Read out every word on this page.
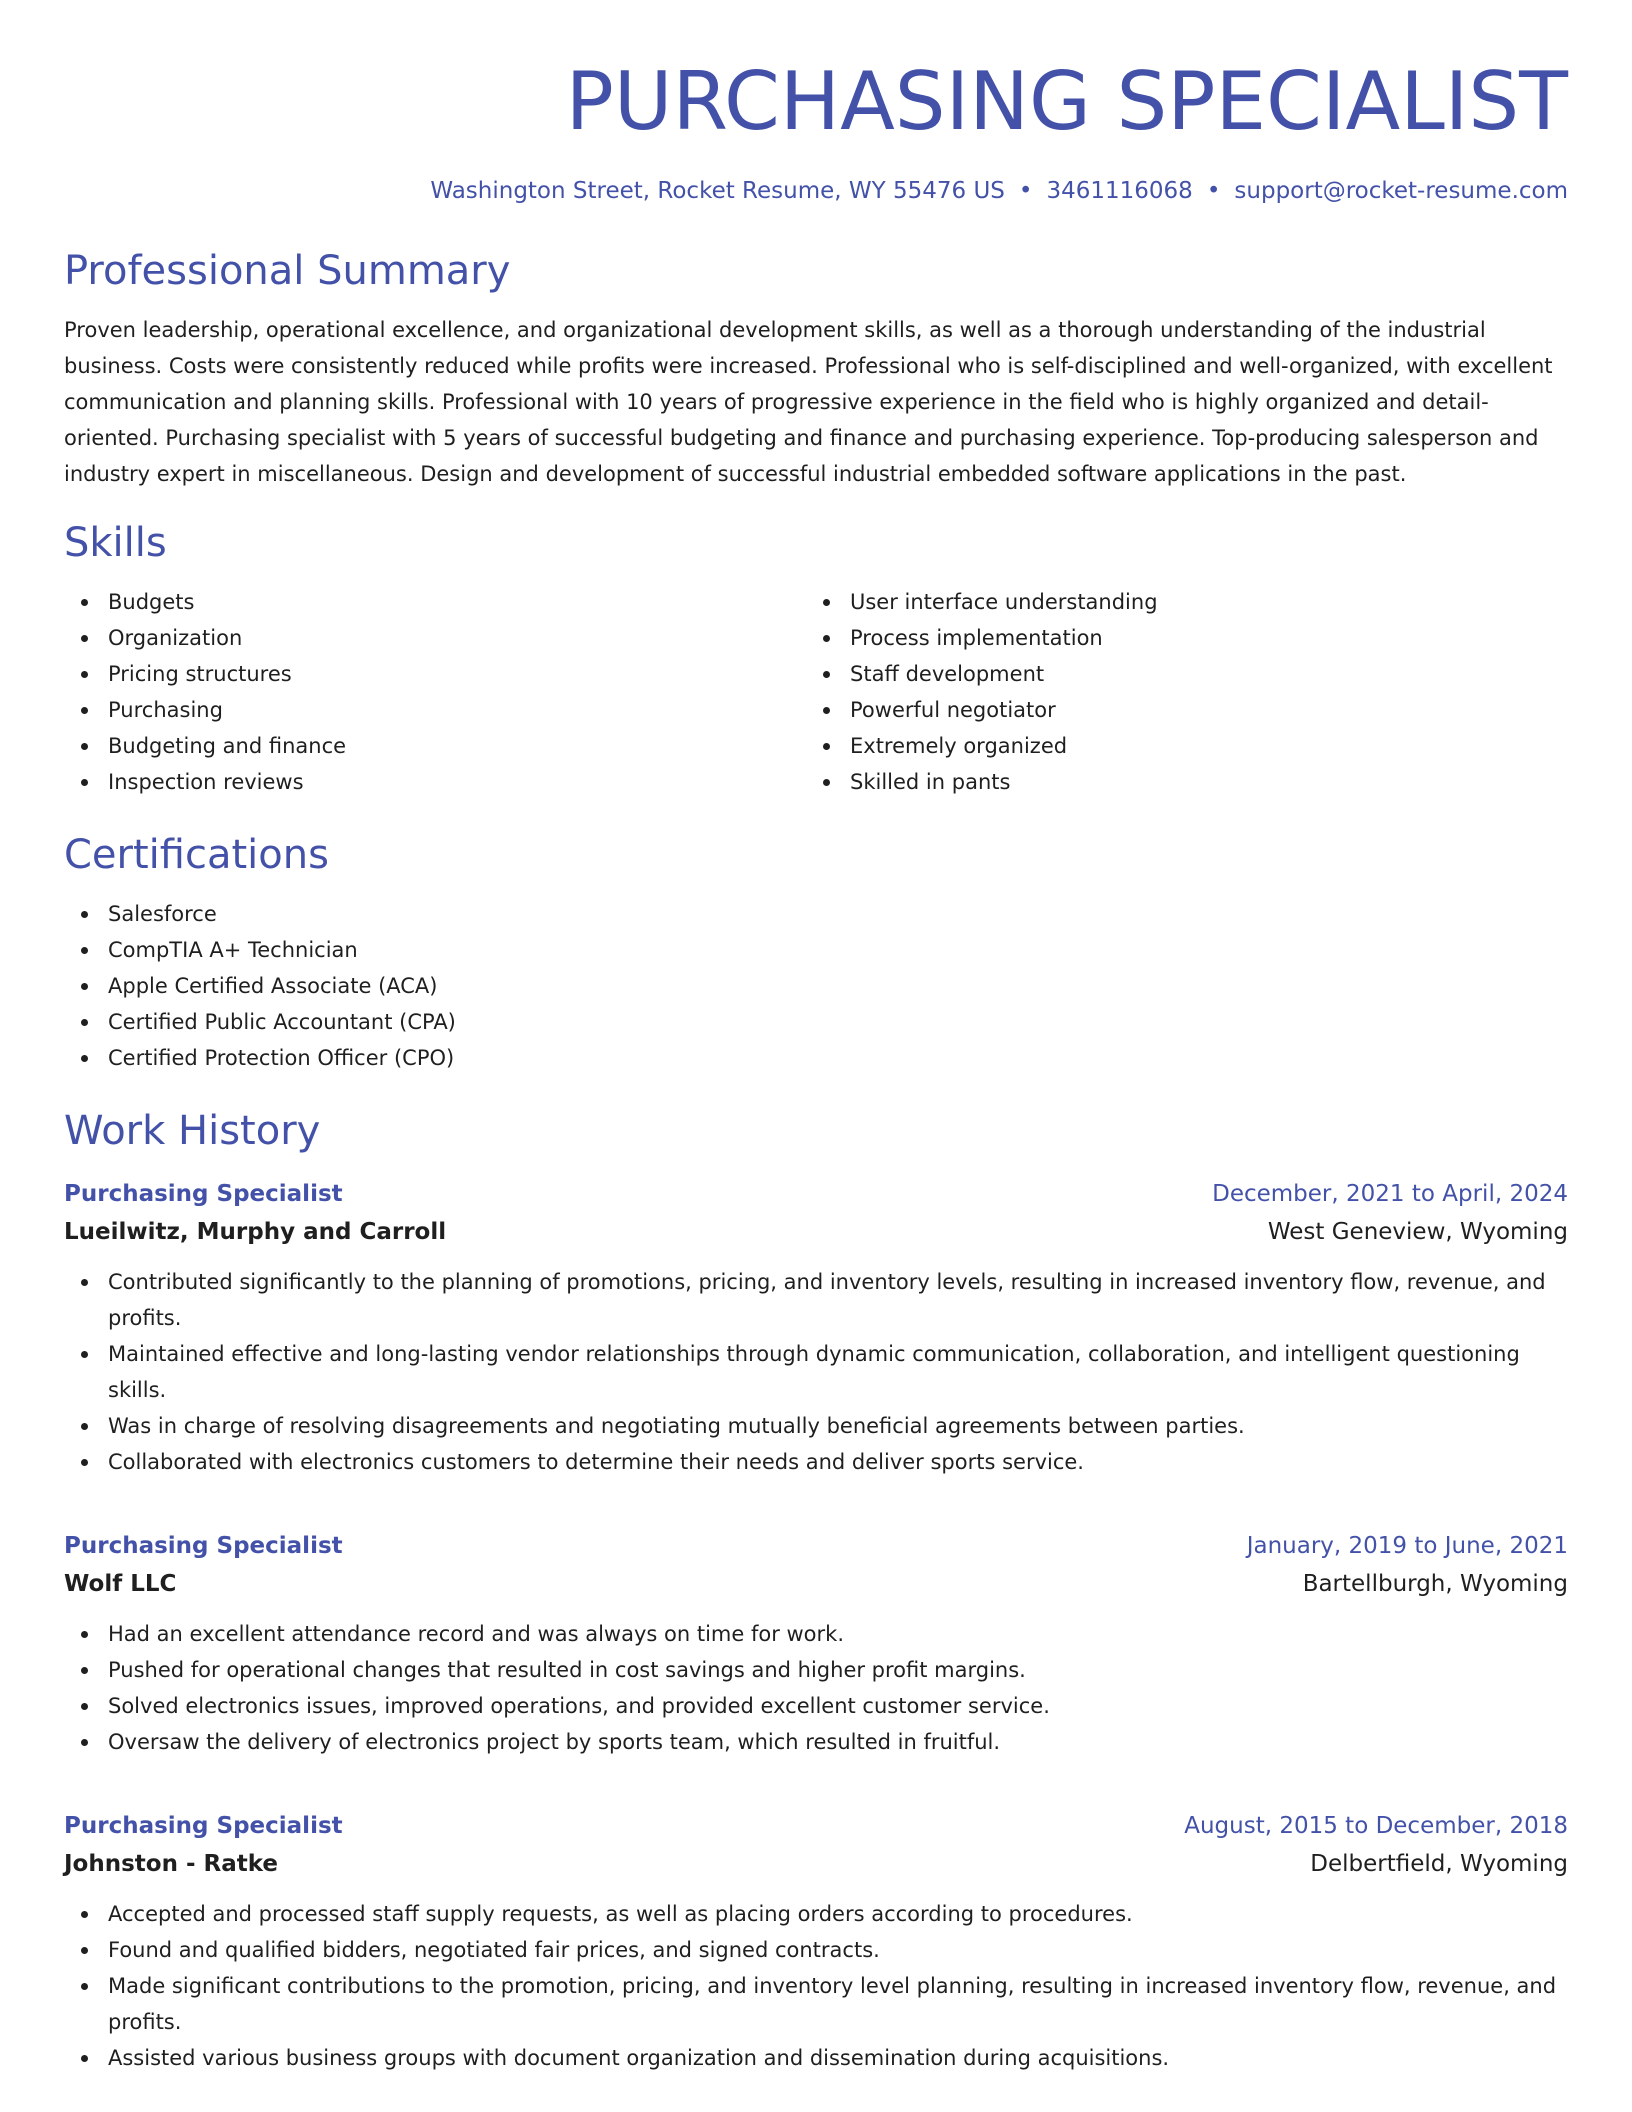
PURCHASING SPECIALIST
Washington Street, Rocket Resume, WY 55476 US • 3461116068 • support@rocket-resume.com
Professional Summary

Proven leadership, operational excellence, and organizational development skills, as well as a thorough understanding of the industrial business. Costs were consistently reduced while profits were increased. Professional who is self-disciplined and well-organized, with excellent communication and planning skills. Professional with 10 years of progressive experience in the field who is highly organized and detail-oriented. Purchasing specialist with 5 years of successful budgeting and finance and purchasing experience. Top-producing salesperson and industry expert in miscellaneous. Design and development of successful industrial embedded software applications in the past.

Skills
Budgets
Organization
Pricing structures
Purchasing
Budgeting and finance
Inspection reviews
User interface understanding
Process implementation
Staff development
Powerful negotiator
Extremely organized
Skilled in pants
Certifications
Salesforce
CompTIA A+ Technician
Apple Certified Associate (ACA)
Certified Public Accountant (CPA)
Certified Protection Officer (CPO)
Work History
Purchasing Specialist	December, 2021 to April, 2024
Lueilwitz, Murphy and Carroll	West Geneview, Wyoming
Contributed significantly to the planning of promotions, pricing, and inventory levels, resulting in increased inventory flow, revenue, and profits.
Maintained effective and long-lasting vendor relationships through dynamic communication, collaboration, and intelligent questioning skills.
Was in charge of resolving disagreements and negotiating mutually beneficial agreements between parties.
Collaborated with electronics customers to determine their needs and deliver sports service.
Purchasing Specialist	January, 2019 to June, 2021
Wolf LLC	Bartellburgh, Wyoming
Had an excellent attendance record and was always on time for work.
Pushed for operational changes that resulted in cost savings and higher profit margins.
Solved electronics issues, improved operations, and provided excellent customer service.
Oversaw the delivery of electronics project by sports team, which resulted in fruitful.
Purchasing Specialist	August, 2015 to December, 2018
Johnston - Ratke	Delbertfield, Wyoming
Accepted and processed staff supply requests, as well as placing orders according to procedures.
Found and qualified bidders, negotiated fair prices, and signed contracts.
Made significant contributions to the promotion, pricing, and inventory level planning, resulting in increased inventory flow, revenue, and profits.
Assisted various business groups with document organization and dissemination during acquisitions.
